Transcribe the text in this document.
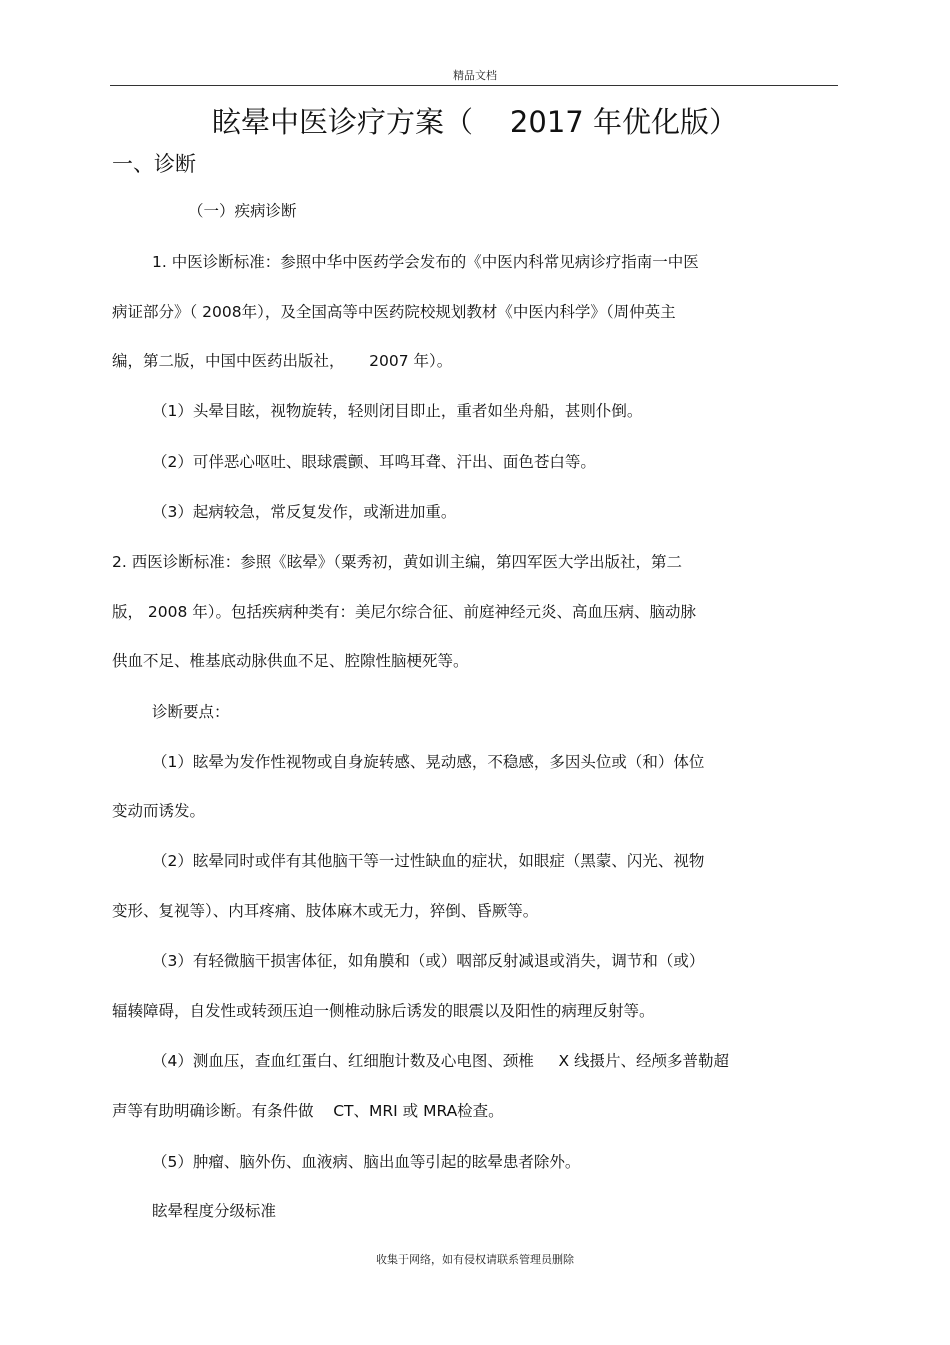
精品文档
眩晕中医诊疗方案（    2017 年优化版）
一、诊断
（一）疾病诊断
1. 中医诊断标准：参照中华中医药学会发布的《中医内科常见病诊疗指南一中医
病证部分》（ 2008年），及全国高等中医药院校规划教材《中医内科学》（周仲英主
编，第二版，中国中医药出版社，     2007 年）。
（1）头晕目眩，视物旋转，轻则闭目即止，重者如坐舟船，甚则仆倒。
（2）可伴恶心呕吐、眼球震颤、耳鸣耳聋、汗出、面色苍白等。
（3）起病较急，常反复发作，或渐进加重。
2. 西医诊断标准：参照《眩晕》（粟秀初，黄如训主编，第四军医大学出版社，第二
版， 2008 年）。包括疾病种类有：美尼尔综合征、前庭神经元炎、高血压病、脑动脉
供血不足、椎基底动脉供血不足、腔隙性脑梗死等。
诊断要点：
（1）眩晕为发作性视物或自身旋转感、晃动感，不稳感，多因头位或（和）体位
变动而诱发。
（2）眩晕同时或伴有其他脑干等一过性缺血的症状，如眼症（黑蒙、闪光、视物
变形、复视等）、内耳疼痛、肢体麻木或无力，猝倒、昏厥等。
（3）有轻微脑干损害体征，如角膜和（或）咽部反射减退或消失，调节和（或）
辐辏障碍，自发性或转颈压迫一侧椎动脉后诱发的眼震以及阳性的病理反射等。
（4）测血压，查血红蛋白、红细胞计数及心电图、颈椎     X 线摄片、经颅多普勒超
声等有助明确诊断。有条件做    CT、MRI 或 MRA检查。
（5）肿瘤、脑外伤、血液病、脑出血等引起的眩晕患者除外。
眩晕程度分级标准
收集于网络，如有侵权请联系管理员删除
